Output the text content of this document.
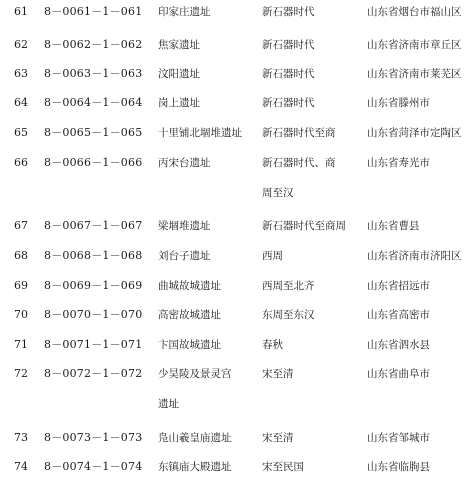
61	8－0061－1－061	印家庄遗址	新石器时代	山东省烟台市福山区
62	8－0062－1－062	焦家遗址	新石器时代	山东省济南市章丘区
63	8－0063－1－063	汶阳遗址	新石器时代	山东省济南市莱芜区
64	8－0064－1－064	岗上遗址	新石器时代	山东省滕州市
65	8－0065－1－065	十里铺北堌堆遗址	新石器时代至商	山东省菏泽市定陶区
66	8－0066－1－066	丙宋台遗址	新石器时代、商	山东省寿光市
周至汉
67	8－0067－1－067	梁堌堆遗址	新石器时代至商周	山东省曹县
68	8－0068－1－068	刘台子遗址	西周	山东省济南市济阳区
69	8－0069－1－069	曲城故城遗址	西周至北齐	山东省招远市
70	8－0070－1－070	高密故城遗址	东周至东汉	山东省高密市
71	8－0071－1－071	卞国故城遗址	春秋	山东省泗水县
72	8－0072－1－072	少昊陵及景灵宫	宋至清	山东省曲阜市
遗址
73	8－0073－1－073	凫山羲皇庙遗址	宋至清	山东省邹城市
74	8－0074－1－074	东镇庙大殿遗址	宋至民国	山东省临朐县
